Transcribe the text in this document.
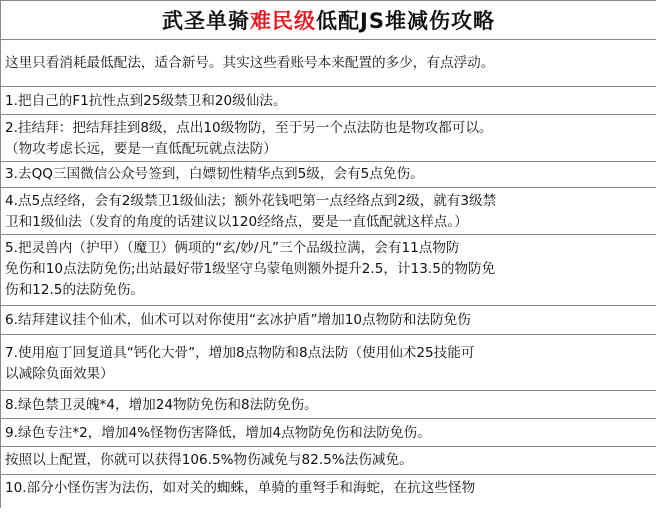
武圣单骑 难民级 低配JS堆减伤攻略
这里只看消耗最低配法，适合新号。其实这些看账号本来配置的多少，有点浮动。
1.把自己的F1抗性点到25级禁卫和20级仙法。
2.挂结拜：把结拜挂到8级，点出10级物防，至于另一个点法防也是物攻都可以。
（物攻考虑长远，要是一直低配玩就点法防）
3.去QQ三国微信公众号签到，白嫖韧性精华点到5级，会有5点免伤。
4.点5点经络，会有2级禁卫1级仙法；额外花钱吧第一点经络点到2级，就有3级禁
卫和1级仙法（发育的角度的话建议以120经络点，要是一直低配就这样点。）
5.把灵兽内（护甲）（魔卫）俩项的“玄/妙/凡”三个品级拉满，会有11点物防
免伤和10点法防免伤;出站最好带1级坚守乌蒙龟则额外提升2.5，计13.5的物防免
伤和12.5的法防免伤。
6.结拜建议挂个仙术，仙术可以对你使用“玄冰护盾”增加10点物防和法防免伤
7.使用庖丁回复道具“钙化大骨”，增加8点物防和8点法防（使用仙术25技能可
以减除负面效果）
8.绿色禁卫灵魄*4，增加24物防免伤和8法防免伤。
9.绿色专注*2，增加4%怪物伤害降低，增加4点物防免伤和法防免伤。
按照以上配置，你就可以获得106.5%物伤减免与82.5%法伤减免。
10.部分小怪伤害为法伤，如对关的蜘蛛，单骑的重弩手和海蛇，在抗这些怪物
